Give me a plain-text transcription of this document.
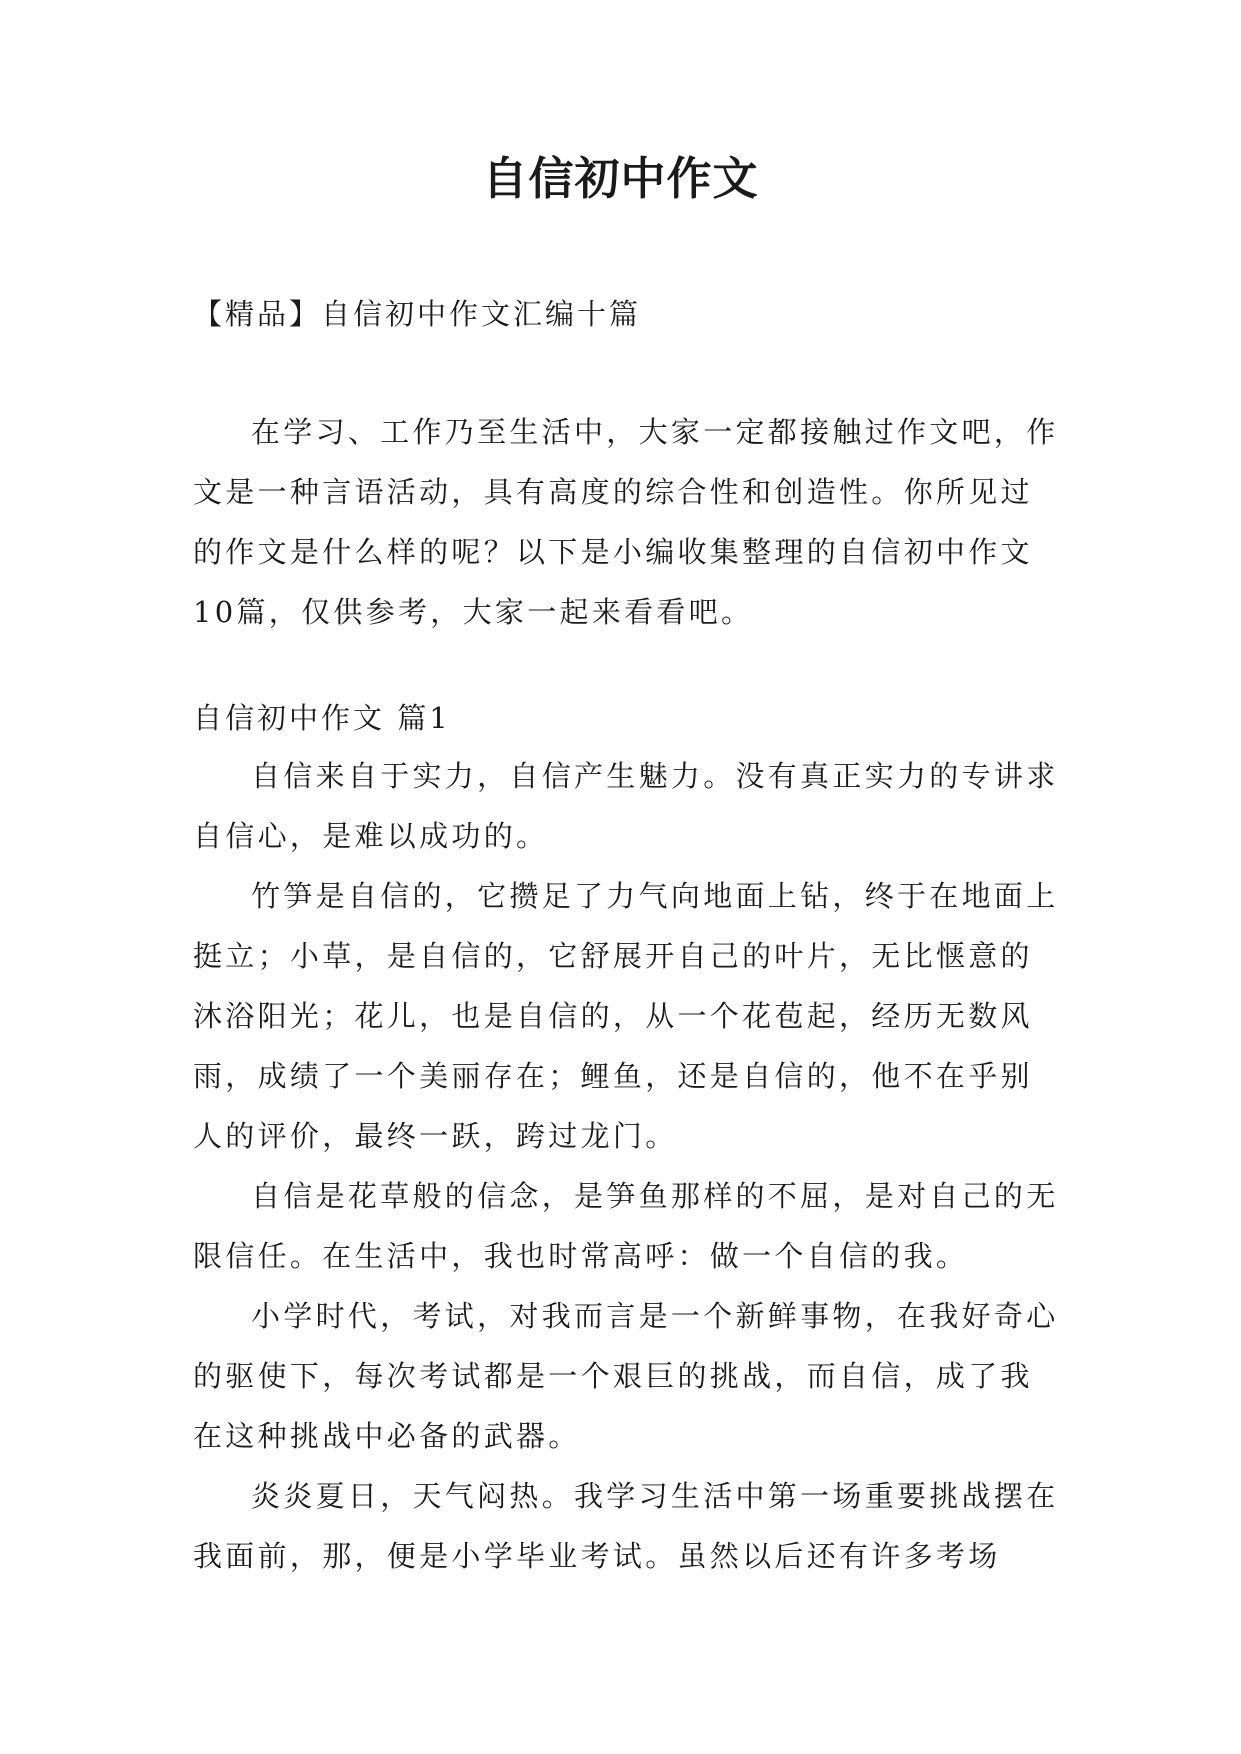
自信初中作文
【精品】自信初中作文汇编十篇

在学习、工作乃至生活中，大家一定都接触过作文吧，作文是一种言语活动，具有高度的综合性和创造性。你所见过的作文是什么样的呢？以下是小编收集整理的自信初中作文10篇，仅供参考，大家一起来看看吧。

自信初中作文 篇1

自信来自于实力，自信产生魅力。没有真正实力的专讲求自信心，是难以成功的。

竹笋是自信的，它攒足了力气向地面上钻，终于在地面上挺立；小草，是自信的，它舒展开自己的叶片，无比惬意的沐浴阳光；花儿，也是自信的，从一个花苞起，经历无数风雨，成绩了一个美丽存在；鲤鱼，还是自信的，他不在乎别人的评价，最终一跃，跨过龙门。

自信是花草般的信念，是笋鱼那样的不屈，是对自己的无限信任。在生活中，我也时常高呼：做一个自信的我。

小学时代，考试，对我而言是一个新鲜事物，在我好奇心的驱使下，每次考试都是一个艰巨的挑战，而自信，成了我在这种挑战中必备的武器。

炎炎夏日，天气闷热。我学习生活中第一场重要挑战摆在我面前，那，便是小学毕业考试。虽然以后还有许多考场
